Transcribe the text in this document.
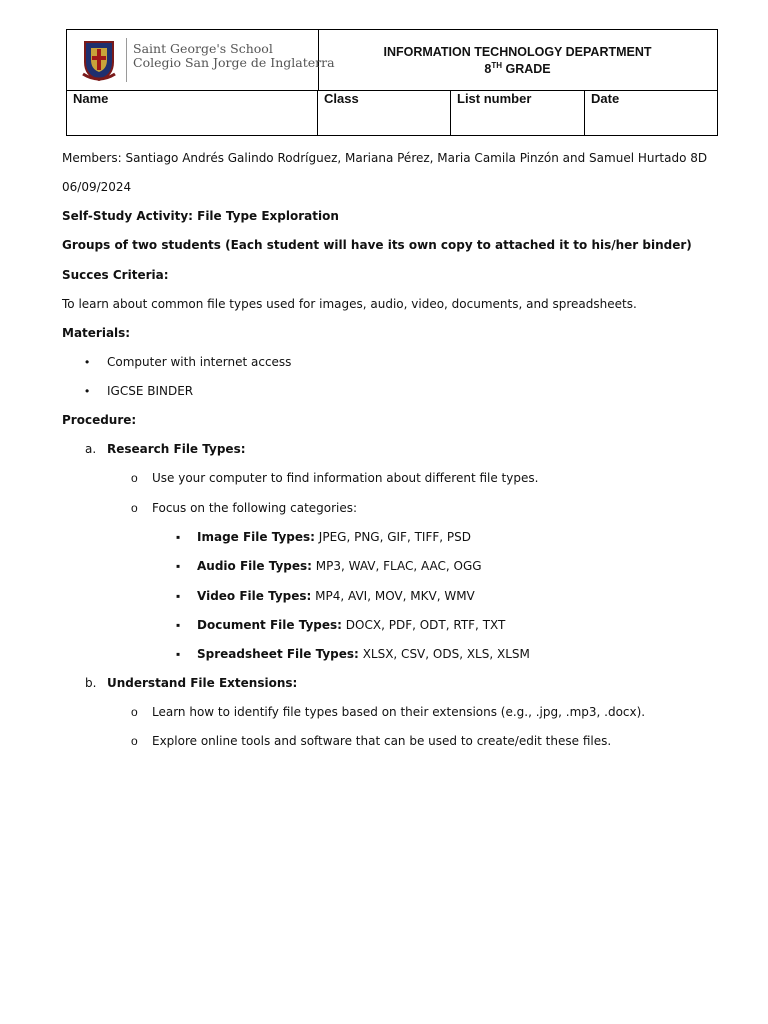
Saint George's School
Colegio San Jorge de Inglaterra
INFORMATION TECHNOLOGY DEPARTMENT
8TH GRADE
Name	Class	List number	Date
Members: Santiago Andrés Galindo Rodríguez, Mariana Pérez, Maria Camila Pinzón and Samuel Hurtado 8D
06/09/2024
Self-Study Activity: File Type Exploration
Groups of two students (Each student will have its own copy to attached it to his/her binder)
Succes Criteria:
To learn about common file types used for images, audio, video, documents, and spreadsheets.
Materials:
• Computer with internet access
• IGCSE BINDER
Procedure:
a. Research File Types:
o Use your computer to find information about different file types.
o Focus on the following categories:
▪ Image File Types: JPEG, PNG, GIF, TIFF, PSD
▪ Audio File Types: MP3, WAV, FLAC, AAC, OGG
▪ Video File Types: MP4, AVI, MOV, MKV, WMV
▪ Document File Types: DOCX, PDF, ODT, RTF, TXT
▪ Spreadsheet File Types: XLSX, CSV, ODS, XLS, XLSM
b. Understand File Extensions:
o Learn how to identify file types based on their extensions (e.g., .jpg, .mp3, .docx).
o Explore online tools and software that can be used to create/edit these files.
